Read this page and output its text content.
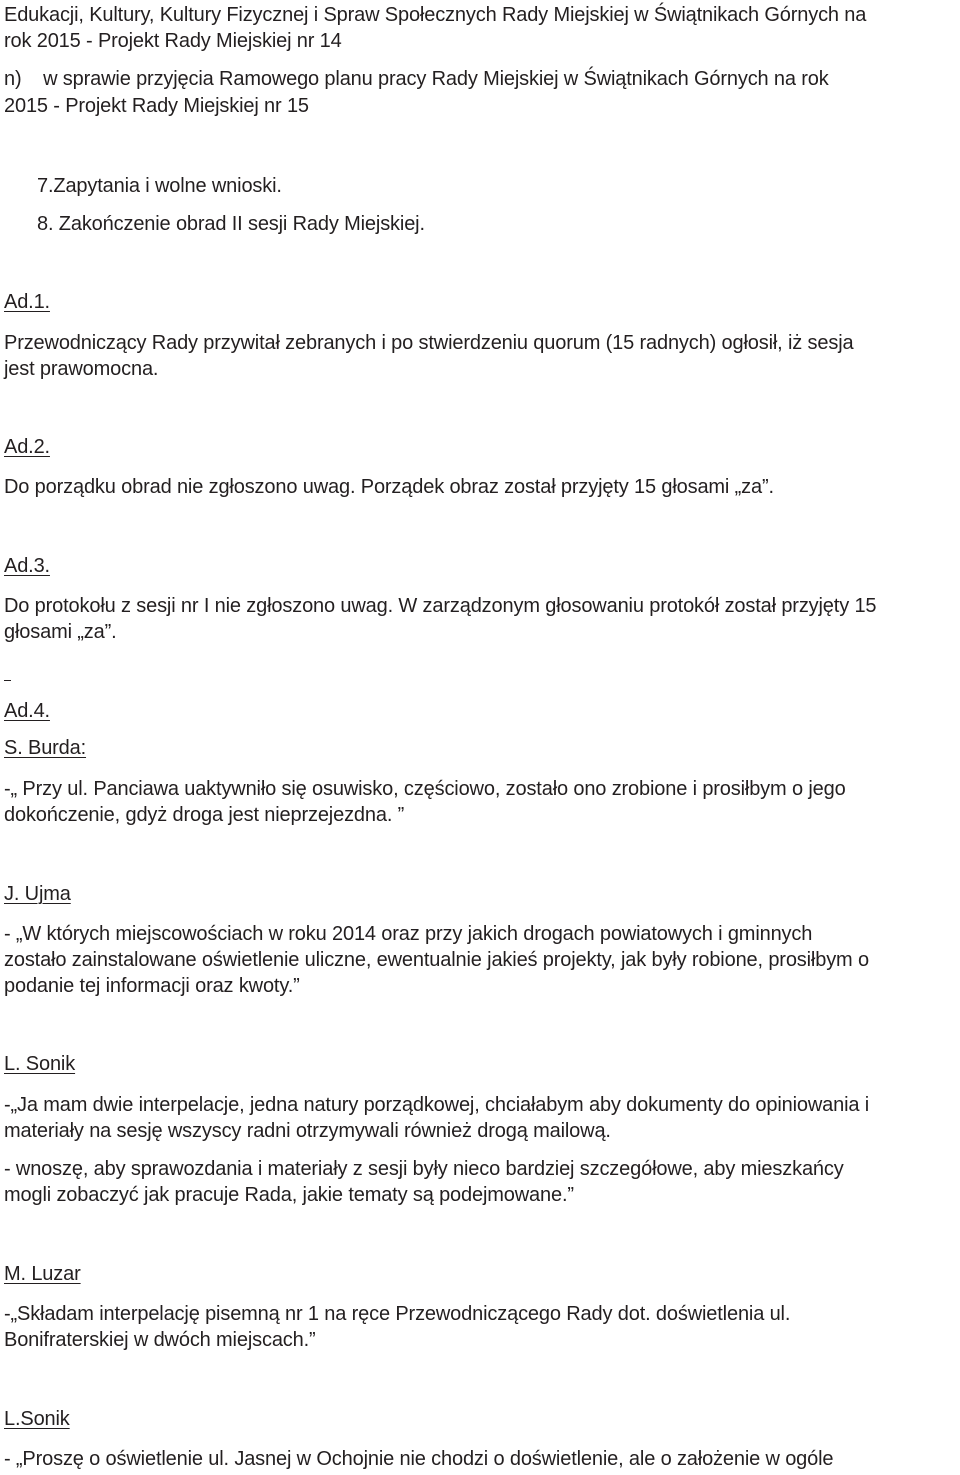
Edukacji, Kultury, Kultury Fizycznej i Spraw Społecznych Rady Miejskiej w Świątnikach Górnych na
rok 2015 - Projekt Rady Miejskiej nr 14
n)    w sprawie przyjęcia Ramowego planu pracy Rady Miejskiej w Świątnikach Górnych na rok
2015 - Projekt Rady Miejskiej nr 15
7.Zapytania i wolne wnioski.
8. Zakończenie obrad II sesji Rady Miejskiej.
Ad.1.
Przewodniczący Rady przywitał zebranych i po stwierdzeniu quorum (15 radnych) ogłosił, iż sesja
jest prawomocna.
Ad.2.
Do porządku obrad nie zgłoszono uwag. Porządek obraz został przyjęty 15 głosami „za”.
Ad.3.
Do protokołu z sesji nr I nie zgłoszono uwag. W zarządzonym głosowaniu protokół został przyjęty 15
głosami „za”.
Ad.4.
S. Burda:
-„ Przy ul. Panciawa uaktywniło się osuwisko, częściowo, zostało ono zrobione i prosiłbym o jego
dokończenie, gdyż droga jest nieprzejezdna. ”
J. Ujma
- „W których miejscowościach w roku 2014 oraz przy jakich drogach powiatowych i gminnych
zostało zainstalowane oświetlenie uliczne, ewentualnie jakieś projekty, jak były robione, prosiłbym o
podanie tej informacji oraz kwoty.”
L. Sonik
-„Ja mam dwie interpelacje, jedna natury porządkowej, chciałabym aby dokumenty do opiniowania i
materiały na sesję wszyscy radni otrzymywali również drogą mailową.
- wnoszę, aby sprawozdania i materiały z sesji były nieco bardziej szczegółowe, aby mieszkańcy
mogli zobaczyć jak pracuje Rada, jakie tematy są podejmowane.”
M. Luzar
-„Składam interpelację pisemną nr 1 na ręce Przewodniczącego Rady dot. doświetlenia ul.
Bonifraterskiej w dwóch miejscach.”
L.Sonik
- „Proszę o oświetlenie ul. Jasnej w Ochojnie nie chodzi o doświetlenie, ale o założenie w ogóle
